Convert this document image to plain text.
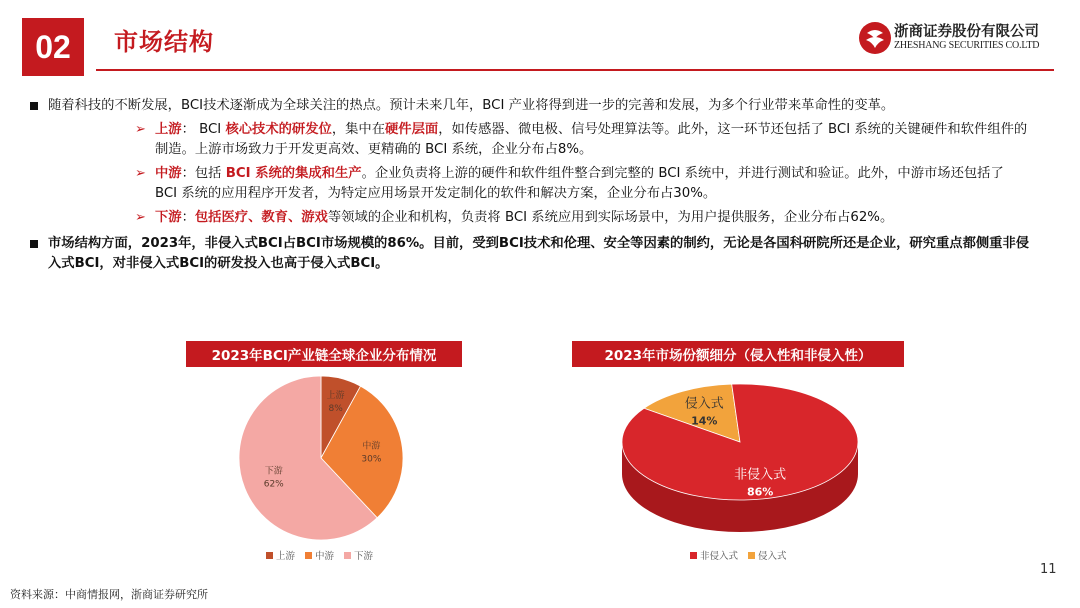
02	市场结构	浙商证券股份有限公司
ZHESHANG SECURITIES CO.LTD
随着科技的不断发展，BCI技术逐渐成为全球关注的热点。预计未来几年，BCI 产业将得到进一步的完善和发展，为多个行业带来革命性的变革。
➢ 上游： BCI 核心技术的研发位，集中在硬件层面，如传感器、微电极、信号处理算法等。此外，这一环节还包括了 BCI 系统的关键硬件和软件组件的制造。上游市场致力于开发更高效、更精确的 BCI 系统，企业分布占8%。
➢ 中游：包括 BCI 系统的集成和生产。企业负责将上游的硬件和软件组件整合到完整的 BCI 系统中，并进行测试和验证。此外，中游市场还包括了 BCI 系统的应用程序开发者，为特定应用场景开发定制化的软件和解决方案，企业分布占30%。
➢ 下游：包括医疗、教育、游戏等领域的企业和机构，负责将 BCI 系统应用到实际场景中，为用户提供服务，企业分布占62%。
市场结构方面，2023年，非侵入式BCI占BCI市场规模的86%。目前，受到BCI技术和伦理、安全等因素的制约，无论是各国科研院所还是企业，研究重点都侧重非侵入式BCI，对非侵入式BCI的研发投入也高于侵入式BCI。
2023年BCI产业链全球企业分布情况
上游
8%
中游
30%
下游
62%
上游 中游 下游
2023年市场份额细分（侵入性和非侵入性）
侵入式
14%
非侵入式
86%
非侵入式 侵入式
11
资料来源：中商情报网，浙商证券研究所
